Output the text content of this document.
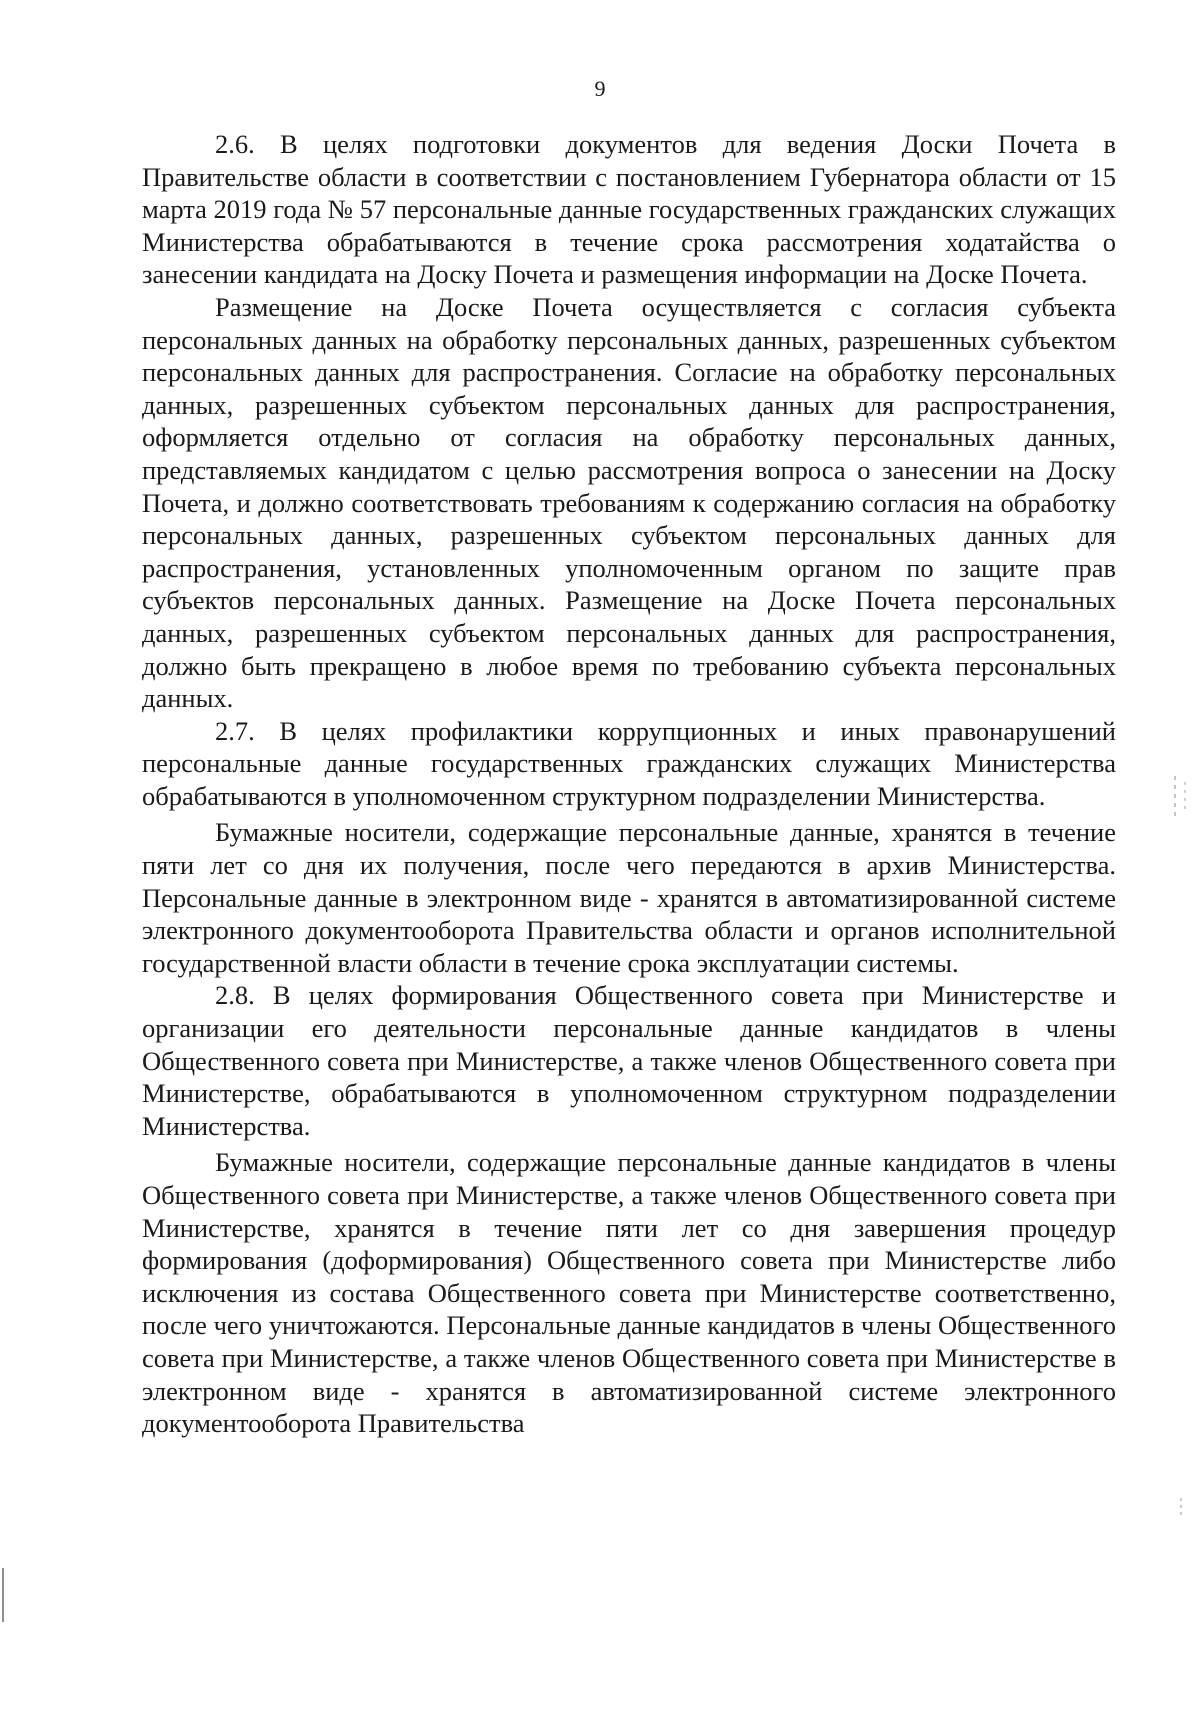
9

2.6. В целях подготовки документов для ведения Доски Почета в Правительстве области в соответствии с постановлением Губернатора области от 15 марта 2019 года № 57 персональные данные государственных гражданских служащих Министерства обрабатываются в течение срока рассмотрения ходатайства о занесении кандидата на Доску Почета и размещения информации на Доске Почета.

Размещение на Доске Почета осуществляется с согласия субъекта персональных данных на обработку персональных данных, разрешенных субъектом персональных данных для распространения. Согласие на обработку персональных данных, разрешенных субъектом персональных данных для распространения, оформляется отдельно от согласия на обработку персональных данных, представляемых кандидатом с целью рассмотрения вопроса о занесении на Доску Почета, и должно соответствовать требованиям к содержанию согласия на обработку персональных данных, разрешенных субъектом персональных данных для распространения, установленных уполномоченным органом по защите прав субъектов персональных данных. Размещение на Доске Почета персональных данных, разрешенных субъектом персональных данных для распространения, должно быть прекращено в любое время по требованию субъекта персональных данных.

2.7. В целях профилактики коррупционных и иных правонарушений персональные данные государственных гражданских служащих Министерства обрабатываются в уполномоченном структурном подразделении Министерства.

Бумажные носители, содержащие персональные данные, хранятся в течение пяти лет со дня их получения, после чего передаются в архив Министерства. Персональные данные в электронном виде - хранятся в автоматизированной системе электронного документооборота Правительства области и органов исполнительной государственной власти области в течение срока эксплуатации системы.

2.8. В целях формирования Общественного совета при Министерстве и организации его деятельности персональные данные кандидатов в члены Общественного совета при Министерстве, а также членов Общественного совета при Министерстве, обрабатываются в уполномоченном структурном подразделении Министерства.

Бумажные носители, содержащие персональные данные кандидатов в члены Общественного совета при Министерстве, а также членов Общественного совета при Министерстве, хранятся в течение пяти лет со дня завершения процедур формирования (доформирования) Общественного совета при Министерстве либо исключения из состава Общественного совета при Министерстве соответственно, после чего уничтожаются. Персональные данные кандидатов в члены Общественного совета при Министерстве, а также членов Общественного совета при Министерстве в электронном виде - хранятся в автоматизированной системе электронного документооборота Правительства
